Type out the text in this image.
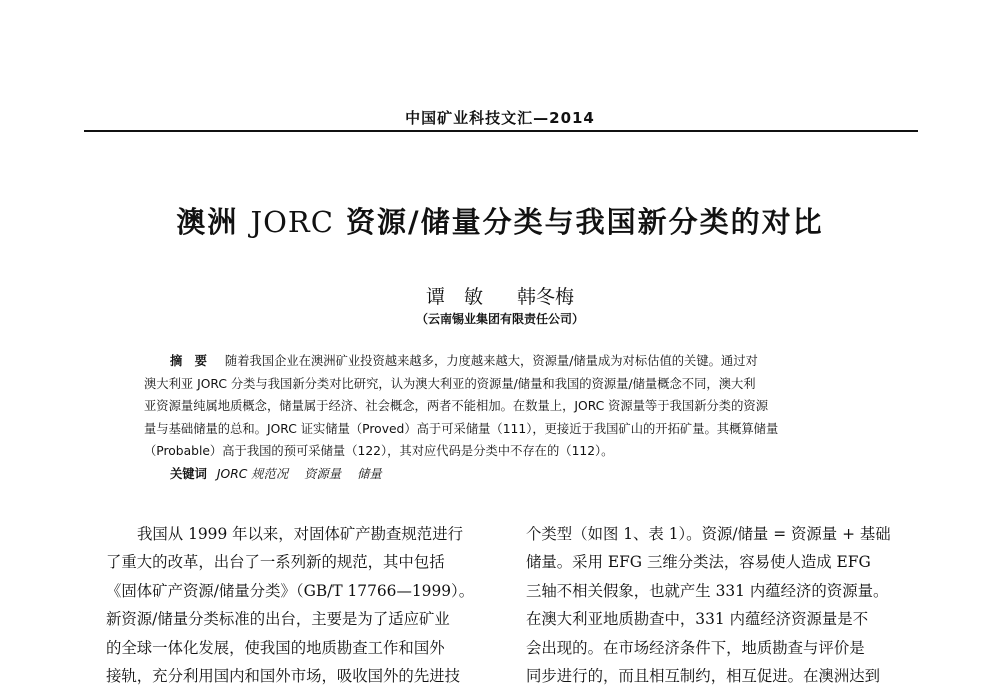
中国矿业科技文汇—2014
澳洲 JORC 资源/储量分类与我国新分类的对比
谭　敏 韩冬梅
（云南锡业集团有限责任公司）
摘　要 随着我国企业在澳洲矿业投资越来越多，力度越来越大，资源量/储量成为对标估值的关键。通过对
澳大利亚 JORC 分类与我国新分类对比研究，认为澳大利亚的资源量/储量和我国的资源量/储量概念不同，澳大利
亚资源量纯属地质概念，储量属于经济、社会概念，两者不能相加。在数量上，JORC 资源量等于我国新分类的资源
量与基础储量的总和。JORC 证实储量（Proved）高于可采储量（111），更接近于我国矿山的开拓矿量。其概算储量
（Probable）高于我国的预可采储量（122），其对应代码是分类中不存在的（112）。
关键词 JORC 规范况 资源量 储量
我国从 1999 年以来，对固体矿产勘查规范进行
了重大的改革，出台了一系列新的规范，其中包括
《固体矿产资源/储量分类》（GB/T 17766—1999）。
新资源/储量分类标准的出台，主要是为了适应矿业
的全球一体化发展，使我国的地质勘查工作和国外
接轨，充分利用国内和国外市场，吸收国外的先进技
个类型（如图 1、表 1）。资源/储量 = 资源量 + 基础
储量。采用 EFG 三维分类法，容易使人造成 EFG
三轴不相关假象，也就产生 331 内蕴经济的资源量。
在澳大利亚地质勘查中，331 内蕴经济资源量是不
会出现的。在市场经济条件下，地质勘查与评价是
同步进行的，而且相互制约，相互促进。在澳洲达到
